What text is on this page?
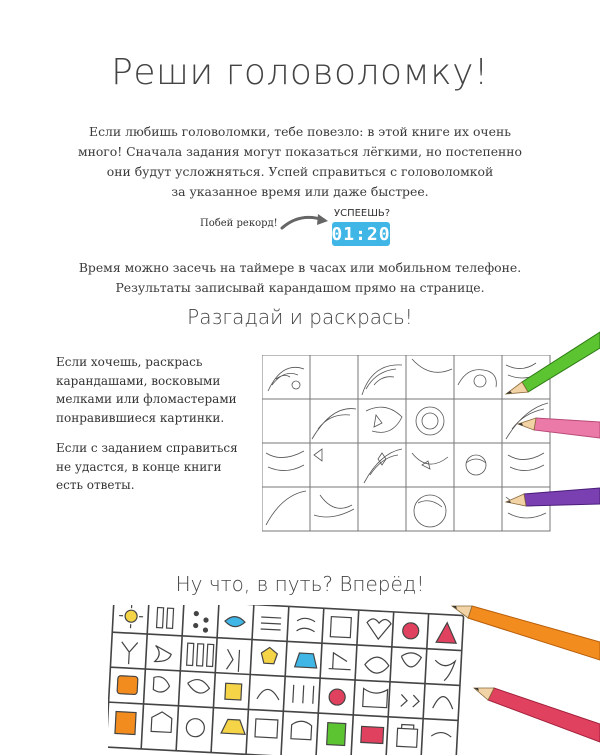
Реши головоломку!
Если любишь головоломки, тебе повезло: в этой книге их очень
много! Сначала задания могут показаться лёгкими, но постепенно
они будут усложняться. Успей справиться с головоломкой
за указанное время или даже быстрее.
Побей рекорд!
УСПЕЕШЬ?
01:20
Время можно засечь на таймере в часах или мобильном телефоне.
Результаты записывай карандашом прямо на странице.
Разгадай и раскрась!

Если хочешь, раскрась
карандашами, восковыми
мелками или фломастерами
понравившиеся картинки.

Если с заданием справиться
не удастся, в конце книги
есть ответы.

Ну что, в путь? Вперёд!
